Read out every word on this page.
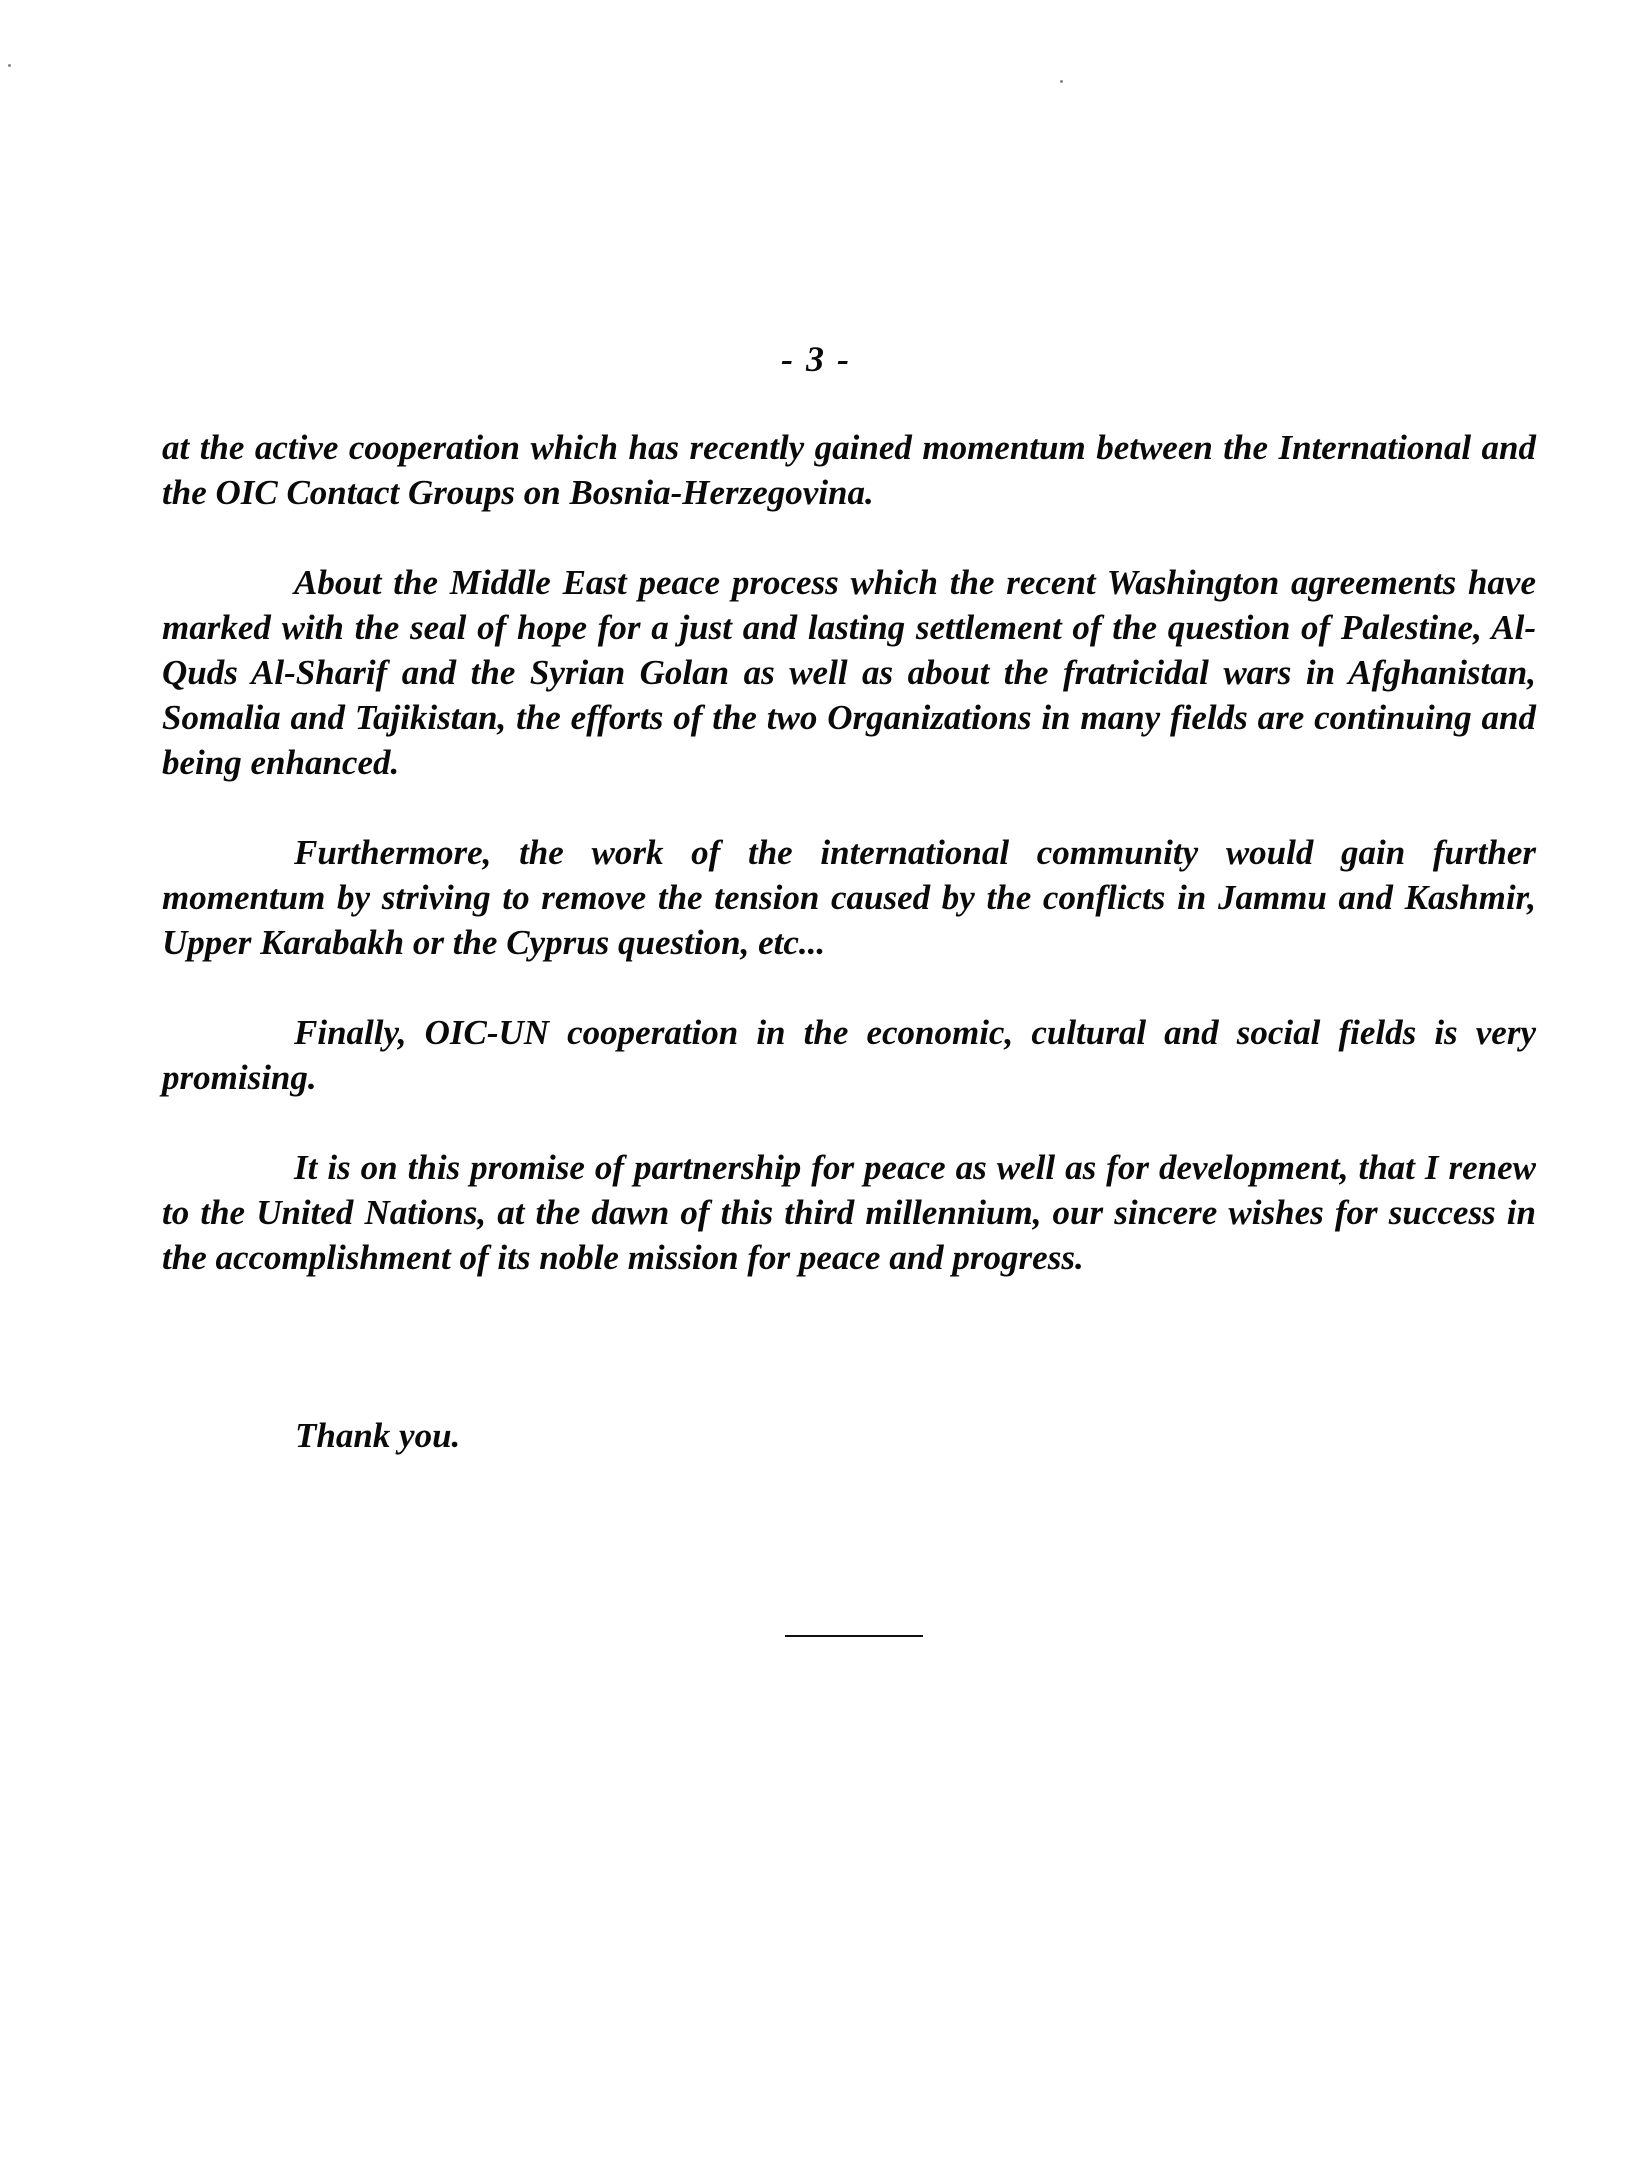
- 3 -

at the active cooperation which has recently gained momentum between the International and the OIC Contact Groups on Bosnia-Herzegovina.

About the Middle East peace process which the recent Washington agreements have marked with the seal of hope for a just and lasting settlement of the question of Palestine, Al-Quds Al-Sharif and the Syrian Golan as well as about the fratricidal wars in Afghanistan, Somalia and Tajikistan, the efforts of the two Organizations in many fields are continuing and being enhanced.

Furthermore, the work of the international community would gain further momentum by striving to remove the tension caused by the conflicts in Jammu and Kashmir, Upper Karabakh or the Cyprus question, etc...

Finally, OIC-UN cooperation in the economic, cultural and social fields is very promising.

It is on this promise of partnership for peace as well as for development, that I renew to the United Nations, at the dawn of this third millennium, our sincere wishes for success in the accomplishment of its noble mission for peace and progress.

Thank you.
